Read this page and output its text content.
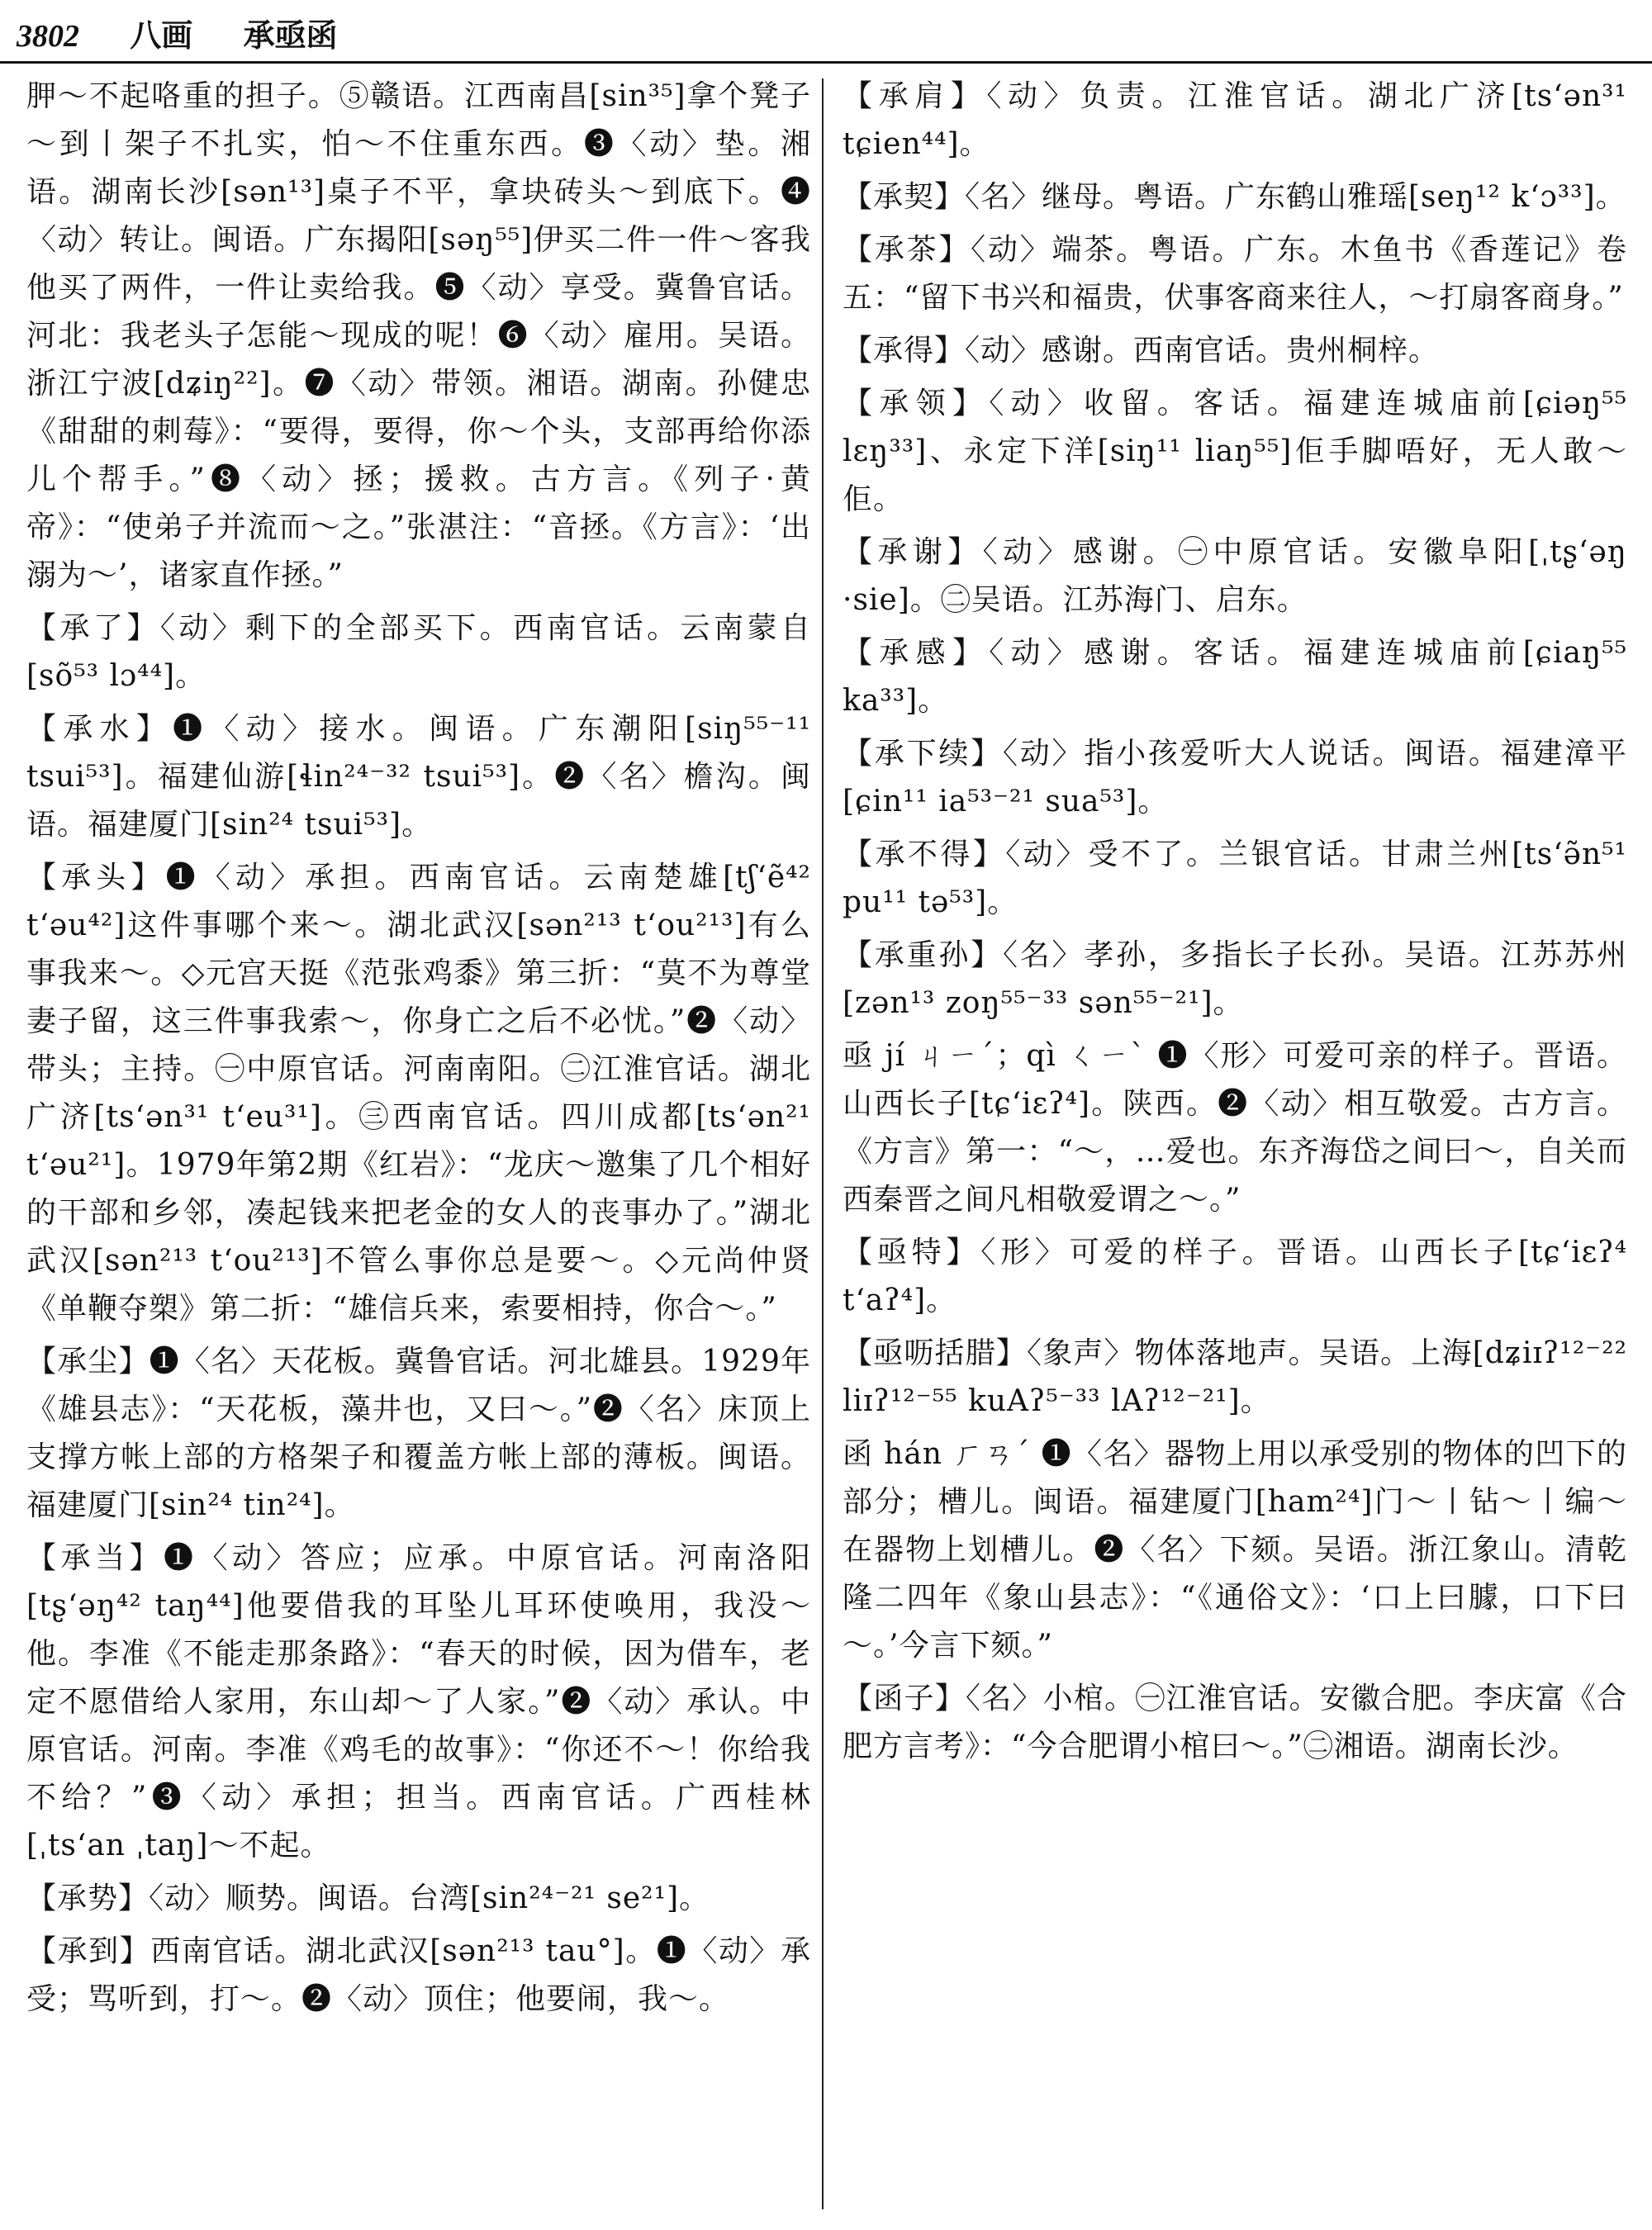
3802 八画 承亟函

胛～不起咯重的担子。⑤赣语。江西南昌[sin³⁵]拿个凳子～到丨架子不扎实，怕～不住重东西。❸〈动〉垫。湘语。湖南长沙[sən¹³]桌子不平，拿块砖头～到底下。❹〈动〉转让。闽语。广东揭阳[səŋ⁵⁵]伊买二件一件～客我他买了两件，一件让卖给我。❺〈动〉享受。冀鲁官话。河北：我老头子怎能～现成的呢！❻〈动〉雇用。吴语。浙江宁波[dʑiŋ²²]。❼〈动〉带领。湘语。湖南。孙健忠《甜甜的刺莓》：“要得，要得，你～个头，支部再给你添儿个帮手。”❽〈动〉拯；援救。古方言。《列子·黄帝》：“使弟子并流而～之。”张湛注：“音拯。《方言》：‘出溺为～’，诸家直作拯。”

【承了】〈动〉剩下的全部买下。西南官话。云南蒙自[sõ⁵³ lɔ⁴⁴]。

【承水】❶〈动〉接水。闽语。广东潮阳[siŋ⁵⁵⁻¹¹ tsui⁵³]。福建仙游[ɬin²⁴⁻³² tsui⁵³]。❷〈名〉檐沟。闽语。福建厦门[sin²⁴ tsui⁵³]。

【承头】❶〈动〉承担。西南官话。云南楚雄[tʃ‘ẽ⁴² t‘əu⁴²]这件事哪个来～。湖北武汉[sən²¹³ t‘ou²¹³]有么事我来～。◇元宫天挺《范张鸡黍》第三折：“莫不为尊堂妻子留，这三件事我索～，你身亡之后不必忧。”❷〈动〉带头；主持。㊀中原官话。河南南阳。㊁江淮官话。湖北广济[ts‘ən³¹ t‘eu³¹]。㊂西南官话。四川成都[ts‘ən²¹ t‘əu²¹]。1979年第2期《红岩》：“龙庆～邀集了几个相好的干部和乡邻，凑起钱来把老金的女人的丧事办了。”湖北武汉[sən²¹³ t‘ou²¹³]不管么事你总是要～。◇元尚仲贤《单鞭夺槊》第二折：“雄信兵来，索要相持，你合～。”

【承尘】❶〈名〉天花板。冀鲁官话。河北雄县。1929年《雄县志》：“天花板，藻井也，又曰～。”❷〈名〉床顶上支撑方帐上部的方格架子和覆盖方帐上部的薄板。闽语。福建厦门[sin²⁴ tin²⁴]。

【承当】❶〈动〉答应；应承。中原官话。河南洛阳[tʂ‘əŋ⁴² taŋ⁴⁴]他要借我的耳坠儿耳环使唤用，我没～他。李准《不能走那条路》：“春天的时候，因为借车，老定不愿借给人家用，东山却～了人家。”❷〈动〉承认。中原官话。河南。李准《鸡毛的故事》：“你还不～！你给我不给？”❸〈动〉承担；担当。西南官话。广西桂林[ˌts‘an ˌtaŋ]～不起。

【承势】〈动〉顺势。闽语。台湾[sin²⁴⁻²¹ se²¹]。

【承到】西南官话。湖北武汉[sən²¹³ tau°]。❶〈动〉承受；骂听到，打～。❷〈动〉顶住；他要闹，我～。

【承肩】〈动〉负责。江淮官话。湖北广济[ts‘ən³¹ tɕien⁴⁴]。

【承契】〈名〉继母。粤语。广东鹤山雅瑶[seŋ¹² k‘ɔ³³]。

【承茶】〈动〉端茶。粤语。广东。木鱼书《香莲记》卷五：“留下书兴和福贵，伏事客商来往人，～打扇客商身。”

【承得】〈动〉感谢。西南官话。贵州桐梓。

【承领】〈动〉收留。客话。福建连城庙前[ɕiəŋ⁵⁵ lɛŋ³³]、永定下洋[siŋ¹¹ liaŋ⁵⁵]佢手脚唔好，无人敢～佢。

【承谢】〈动〉感谢。㊀中原官话。安徽阜阳[ˌtʂ‘əŋ ·sie]。㊁吴语。江苏海门、启东。

【承感】〈动〉感谢。客话。福建连城庙前[ɕiaŋ⁵⁵ ka³³]。

【承下续】〈动〉指小孩爱听大人说话。闽语。福建漳平[ɕin¹¹ ia⁵³⁻²¹ sua⁵³]。

【承不得】〈动〉受不了。兰银官话。甘肃兰州[ts‘ə̃n⁵¹ pu¹¹ tə⁵³]。

【承重孙】〈名〉孝孙，多指长子长孙。吴语。江苏苏州[zən¹³ zoŋ⁵⁵⁻³³ sən⁵⁵⁻²¹]。

亟 jí ㄐㄧˊ；qì ㄑㄧˋ ❶〈形〉可爱可亲的样子。晋语。山西长子[tɕ‘iɛʔ⁴]。陕西。❷〈动〉相互敬爱。古方言。《方言》第一：“～，…爱也。东齐海岱之间曰～，自关而西秦晋之间凡相敬爱谓之～。”

【亟特】〈形〉可爱的样子。晋语。山西长子[tɕ‘iɛʔ⁴ t‘aʔ⁴]。

【亟呖括腊】〈象声〉物体落地声。吴语。上海[dʑiɪʔ¹²⁻²² liɪʔ¹²⁻⁵⁵ kuAʔ⁵⁻³³ lAʔ¹²⁻²¹]。

函 hán ㄏㄢˊ ❶〈名〉器物上用以承受别的物体的凹下的部分；槽儿。闽语。福建厦门[ham²⁴]门～丨钻～丨编～在器物上划槽儿。❷〈名〉下颏。吴语。浙江象山。清乾隆二四年《象山县志》：“《通俗文》：‘口上曰臄，口下曰～。’今言下颏。”

【函子】〈名〉小棺。㊀江淮官话。安徽合肥。李庆富《合肥方言考》：“今合肥谓小棺曰～。”㊁湘语。湖南长沙。
